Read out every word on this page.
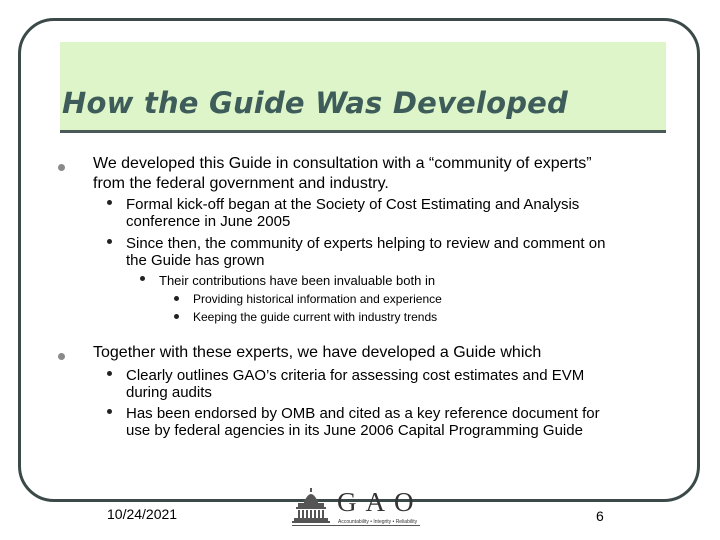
How the Guide Was Developed

We developed this Guide in consultation with a “community of experts”

from the federal government and industry.

Formal kick-off began at the Society of Cost Estimating and Analysis

conference in June 2005

Since then, the community of experts helping to review and comment on

the Guide has grown

Their contributions have been invaluable both in

Providing historical information and experience

Keeping the guide current with industry trends

Together with these experts, we have developed a Guide which

Clearly outlines GAO’s criteria for assessing cost estimates and EVM

during audits

Has been endorsed by OMB and cited as a key reference document for

use by federal agencies in its June 2006 Capital Programming Guide

10/24/2021	GAO

Accountability • Integrity • Reliability	6
